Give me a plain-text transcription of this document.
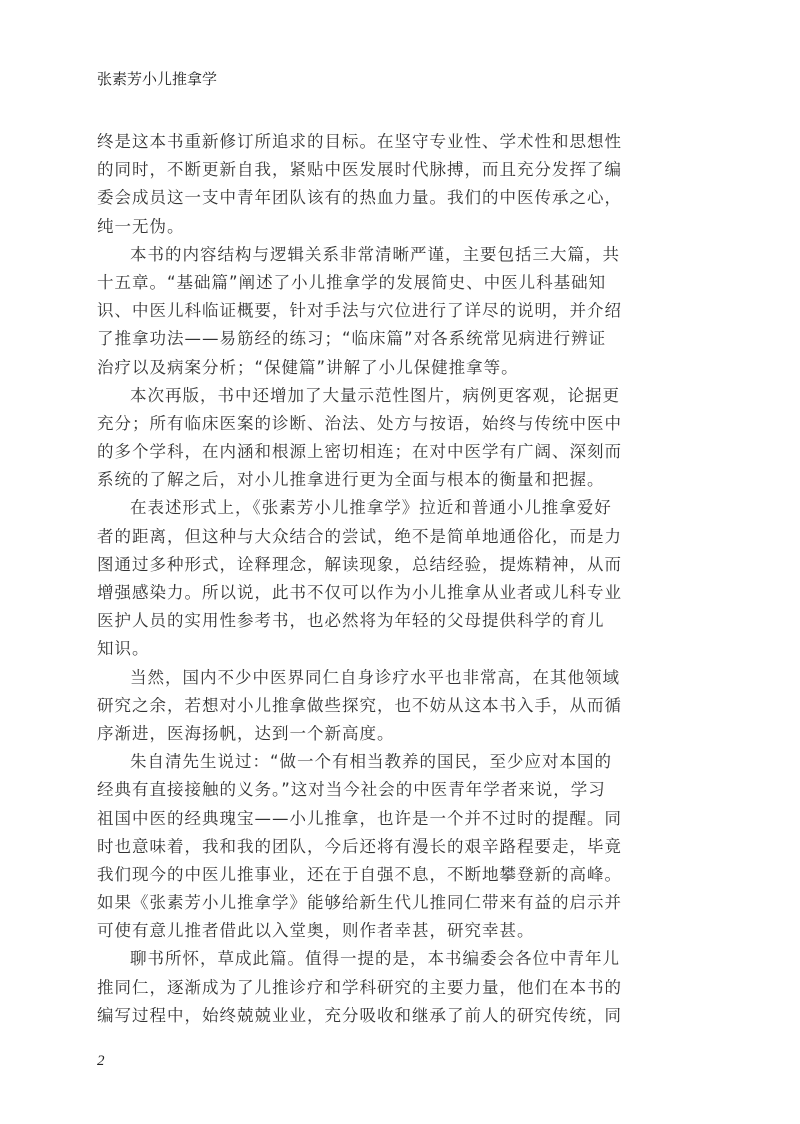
张素芳小儿推拿学
终是这本书重新修订所追求的目标。在坚守专业性、学术性和思想性
的同时，不断更新自我，紧贴中医发展时代脉搏，而且充分发挥了编
委会成员这一支中青年团队该有的热血力量。我们的中医传承之心，
纯一无伪。
本书的内容结构与逻辑关系非常清晰严谨，主要包括三大篇，共
十五章。“基础篇”阐述了小儿推拿学的发展简史、中医儿科基础知
识、中医儿科临证概要，针对手法与穴位进行了详尽的说明，并介绍
了推拿功法——易筋经的练习；“临床篇”对各系统常见病进行辨证
治疗以及病案分析；“保健篇”讲解了小儿保健推拿等。
本次再版，书中还增加了大量示范性图片，病例更客观，论据更
充分；所有临床医案的诊断、治法、处方与按语，始终与传统中医中
的多个学科，在内涵和根源上密切相连；在对中医学有广阔、深刻而
系统的了解之后，对小儿推拿进行更为全面与根本的衡量和把握。
在表述形式上，《张素芳小儿推拿学》拉近和普通小儿推拿爱好
者的距离，但这种与大众结合的尝试，绝不是简单地通俗化，而是力
图通过多种形式，诠释理念，解读现象，总结经验，提炼精神，从而
增强感染力。所以说，此书不仅可以作为小儿推拿从业者或儿科专业
医护人员的实用性参考书，也必然将为年轻的父母提供科学的育儿
知识。
当然，国内不少中医界同仁自身诊疗水平也非常高，在其他领域
研究之余，若想对小儿推拿做些探究，也不妨从这本书入手，从而循
序渐进，医海扬帆，达到一个新高度。
朱自清先生说过：“做一个有相当教养的国民，至少应对本国的
经典有直接接触的义务。”这对当今社会的中医青年学者来说，学习
祖国中医的经典瑰宝——小儿推拿，也许是一个并不过时的提醒。同
时也意味着，我和我的团队，今后还将有漫长的艰辛路程要走，毕竟
我们现今的中医儿推事业，还在于自强不息，不断地攀登新的高峰。
如果《张素芳小儿推拿学》能够给新生代儿推同仁带来有益的启示并
可使有意儿推者借此以入堂奥，则作者幸甚，研究幸甚。
聊书所怀，草成此篇。值得一提的是，本书编委会各位中青年儿
推同仁，逐渐成为了儿推诊疗和学科研究的主要力量，他们在本书的
编写过程中，始终兢兢业业，充分吸收和继承了前人的研究传统，同
2
